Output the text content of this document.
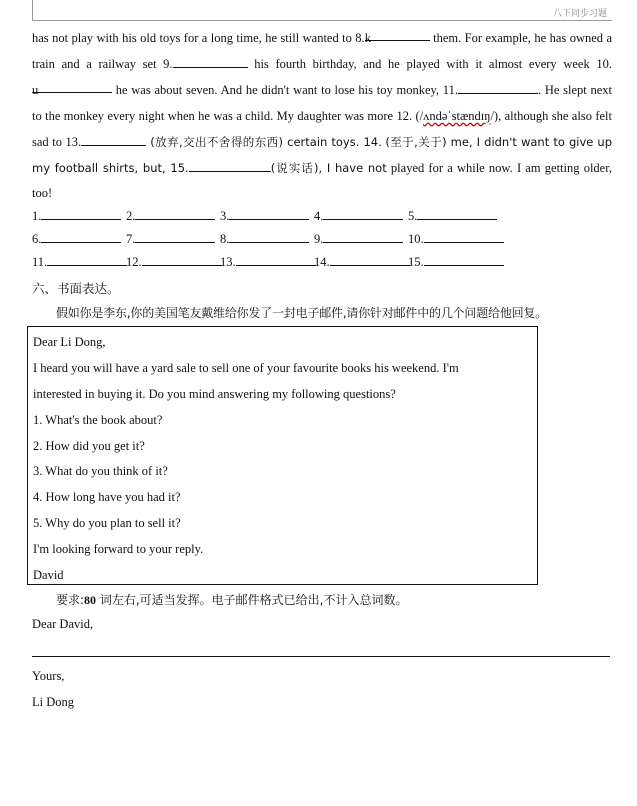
八下同步习题
has not play with his old toys for a long time, he still wanted to 8.k	them. For example, he has owned a train and a railway set 9.	his fourth birthday, and he played with it almost every week 10.u	he was about seven. And he didn't want to lose his toy monkey, 11.	. He slept next to the monkey every night when he was a child. My daughter was more 12. (/ʌndəˈstændɪŋ/), although she also felt sad to 13.	(放弃,交出不舍得的东西) certain toys. 14. (至于,关于) me, I didn't want to give up my football shirts, but, 15.	(说实话), I have not played for a while now. I am getting older, too!
1.	2.	3.	4.	5.
6.	7.	8.	9.	10.
11.	12.	13.	14.	15.
六、书面表达。
假如你是李东,你的美国笔友戴维给你发了一封电子邮件,请你针对邮件中的几个问题给他回复。
Dear Li Dong,
I heard you will have a yard sale to sell one of your favourite books his weekend. I'm
interested in buying it. Do you mind answering my following questions?
1. What's the book about?
2. How did you get it?
3. What do you think of it?
4. How long have you had it?
5. Why do you plan to sell it?
I'm looking forward to your reply.
David
要求:80 词左右,可适当发挥。电子邮件格式已给出,不计入总词数。
Dear David,
Yours,
Li Dong
